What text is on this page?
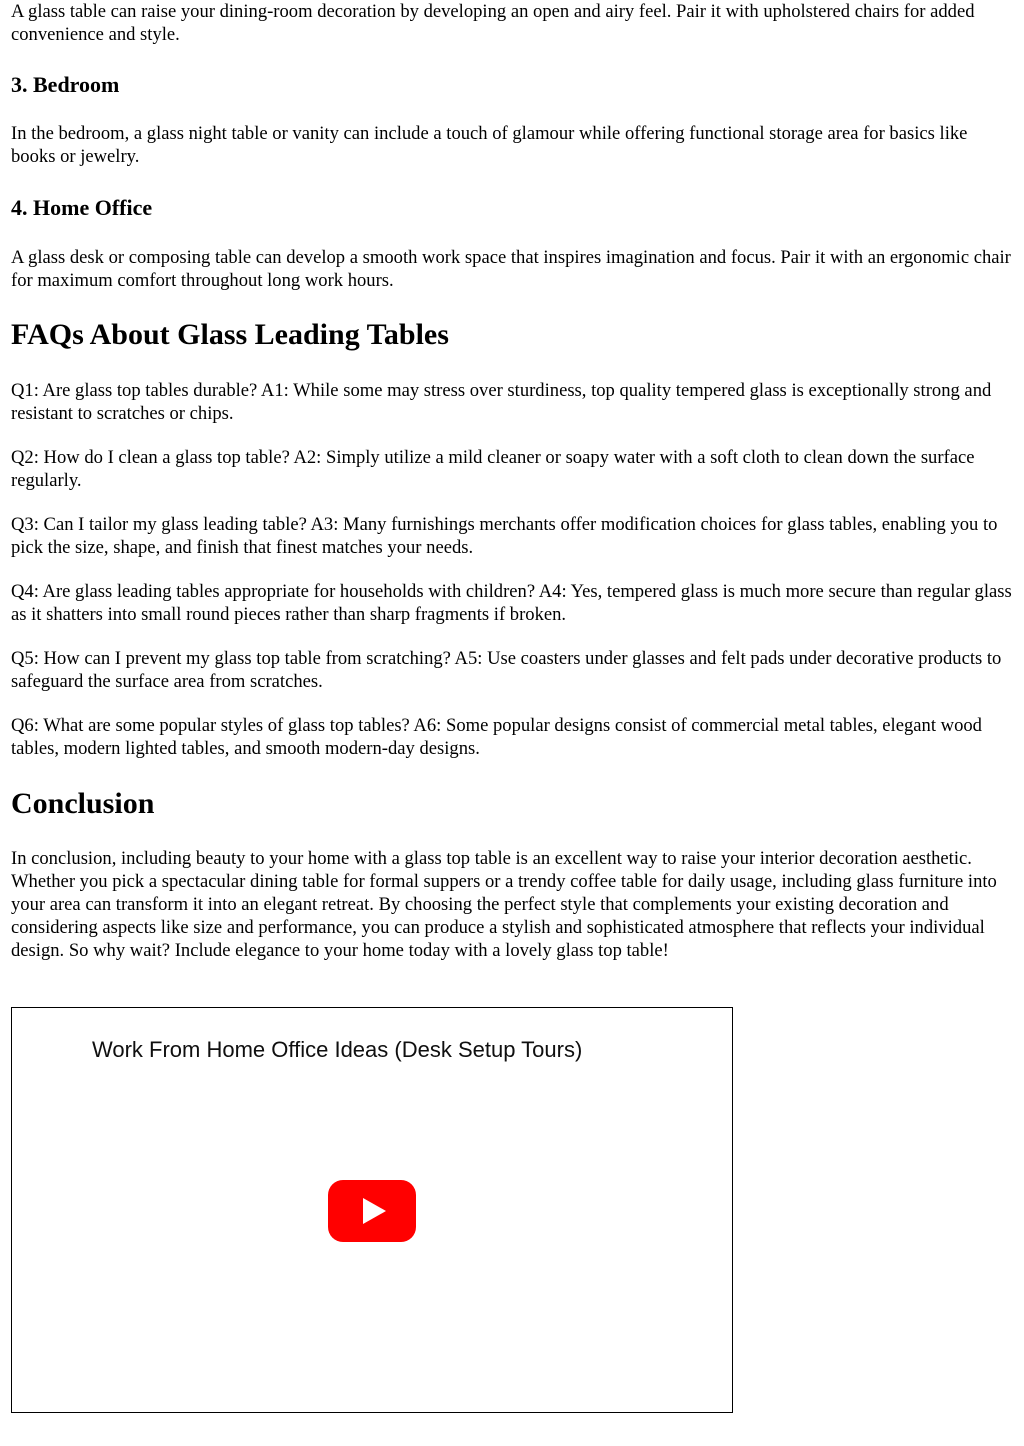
A glass table can raise your dining-room decoration by developing an open and airy feel. Pair it with upholstered chairs for added convenience and style.

3. Bedroom

In the bedroom, a glass night table or vanity can include a touch of glamour while offering functional storage area for basics like books or jewelry.

4. Home Office

A glass desk or composing table can develop a smooth work space that inspires imagination and focus. Pair it with an ergonomic chair for maximum comfort throughout long work hours.

FAQs About Glass Leading Tables

Q1: Are glass top tables durable? A1: While some may stress over sturdiness, top quality tempered glass is exceptionally strong and resistant to scratches or chips.

Q2: How do I clean a glass top table? A2: Simply utilize a mild cleaner or soapy water with a soft cloth to clean down the surface regularly.

Q3: Can I tailor my glass leading table? A3: Many furnishings merchants offer modification choices for glass tables, enabling you to pick the size, shape, and finish that finest matches your needs.

Q4: Are glass leading tables appropriate for households with children? A4: Yes, tempered glass is much more secure than regular glass as it shatters into small round pieces rather than sharp fragments if broken.

Q5: How can I prevent my glass top table from scratching? A5: Use coasters under glasses and felt pads under decorative products to safeguard the surface area from scratches.

Q6: What are some popular styles of glass top tables? A6: Some popular designs consist of commercial metal tables, elegant wood tables, modern lighted tables, and smooth modern-day designs.

Conclusion

In conclusion, including beauty to your home with a glass top table is an excellent way to raise your interior decoration aesthetic. Whether you pick a spectacular dining table for formal suppers or a trendy coffee table for daily usage, including glass furniture into your area can transform it into an elegant retreat. By choosing the perfect style that complements your existing decoration and considering aspects like size and performance, you can produce a stylish and sophisticated atmosphere that reflects your individual design. So why wait? Include elegance to your home today with a lovely glass top table!

Work From Home Office Ideas (Desk Setup Tours)
